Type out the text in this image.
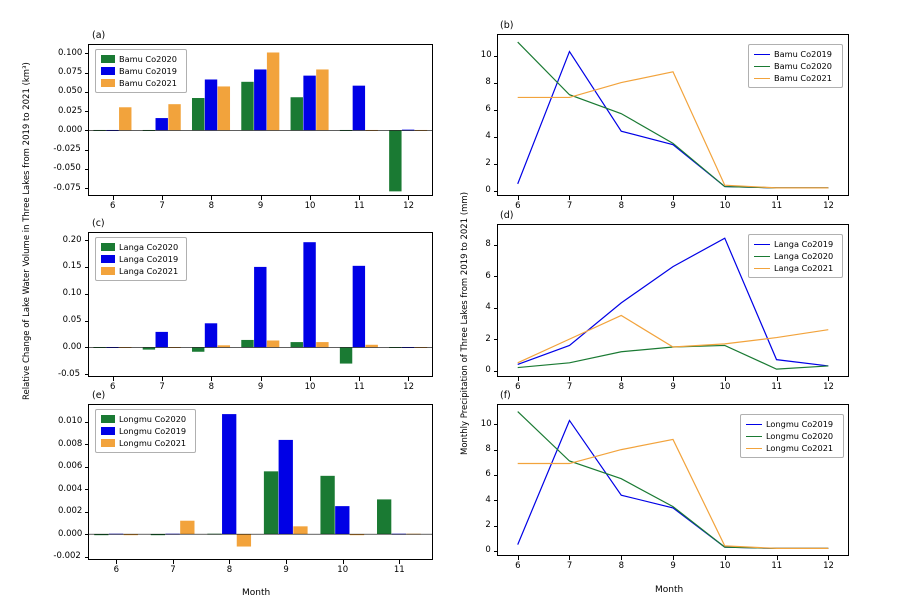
Relative Change of Lake Water Volume in Three Lakes from 2019 to 2021 (km³)	Monthly Precipitation of Three Lakes from 2019 to 2021 (mm)
(a)
Bamu Co2020
Bamu Co2019
Bamu Co2021
(b)
Bamu Co2019
Bamu Co2020
Bamu Co2021
(c)
Langa Co2020
Langa Co2019
Langa Co2021
(d)
Langa Co2019
Langa Co2020
Langa Co2021
(e)
Longmu Co2020
Longmu Co2019
Longmu Co2021
Month
(f)
Longmu Co2019
Longmu Co2020
Longmu Co2021
Month
6	7	8	9	10	11	12
-0.075
-0.050
-0.025
0.000
0.025
0.050
0.075
0.100
6	7	8	9	10	11	12
0
2
4
6
8
10
6	7	8	9	10	11	12
-0.05
0.00
0.05
0.10
0.15
0.20
6	7	8	9	10	11	12
0
2
4
6
8
6	7	8	9	10	11
-0.002
0.000
0.002
0.004
0.006
0.008
0.010
6	7	8	9	10	11	12
0
2
4
6
8
10
